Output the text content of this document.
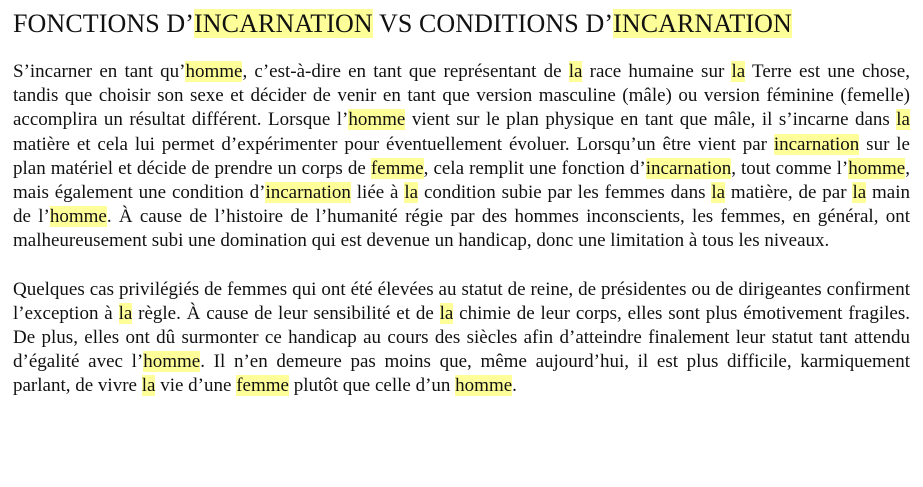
FONCTIONS D’INCARNATION VS CONDITIONS D’INCARNATION

S’incarner en tant qu’homme, c’est-à-dire en tant que représentant de la race humaine sur la Terre est une chose, tandis que choisir son sexe et décider de venir en tant que version masculine (mâle) ou version féminine (femelle) accomplira un résultat différent. Lorsque l’homme vient sur le plan physique en tant que mâle, il s’incarne dans la matière et cela lui permet d’expérimenter pour éventuellement évoluer. Lorsqu’un être vient par incarnation sur le plan matériel et décide de prendre un corps de femme, cela remplit une fonction d’incarnation, tout comme l’homme, mais également une condition d’incarnation liée à la condition subie par les femmes dans la matière, de par la main de l’homme. À cause de l’histoire de l’humanité régie par des hommes inconscients, les femmes, en général, ont malheureusement subi une domination qui est devenue un handicap, donc une limitation à tous les niveaux.

Quelques cas privilégiés de femmes qui ont été élevées au statut de reine, de présidentes ou de dirigeantes confirment l’exception à la règle. À cause de leur sensibilité et de la chimie de leur corps, elles sont plus émotivement fragiles. De plus, elles ont dû surmonter ce handicap au cours des siècles afin d’atteindre finalement leur statut tant attendu d’égalité avec l’homme. Il n’en demeure pas moins que, même aujourd’hui, il est plus difficile, karmiquement parlant, de vivre la vie d’une femme plutôt que celle d’un homme.
